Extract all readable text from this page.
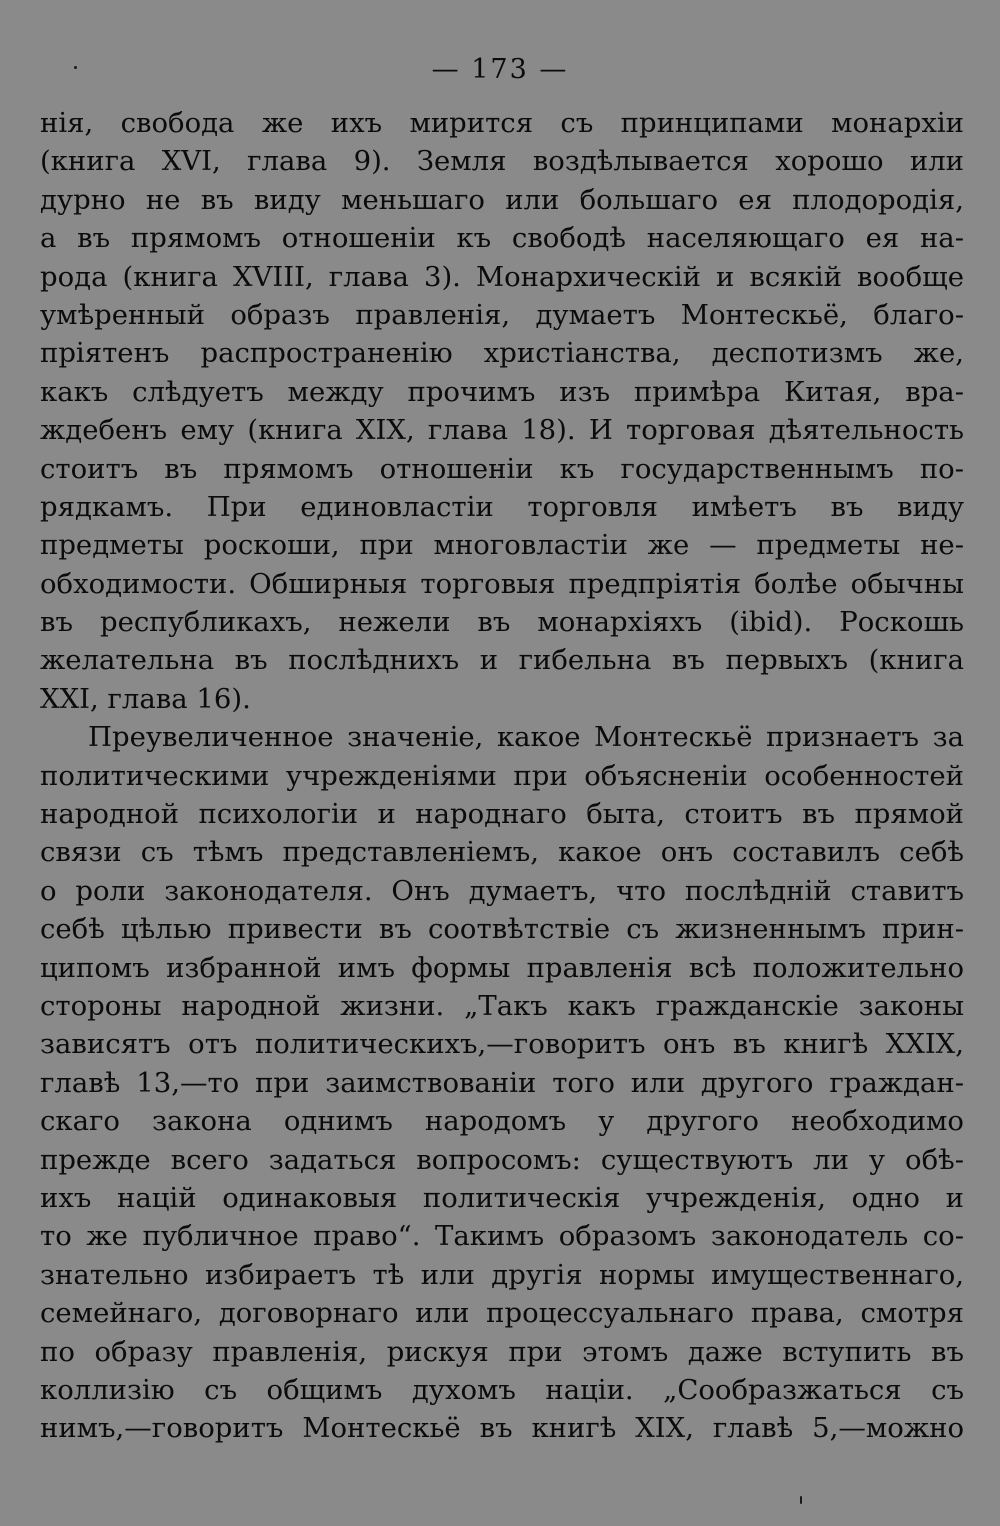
— 173 —
нія, свобода же ихъ мирится съ принципами монархіи
(книга XVI, глава 9). Земля воздѣлывается хорошо или
дурно не въ виду меньшаго или большаго ея плодородія,
а въ прямомъ отношеніи къ свободѣ населяющаго ея на-
рода (книга XVIII, глава 3). Монархическій и всякій вообще
умѣренный образъ правленія, думаетъ Монтескьё, благо-
пріятенъ распространенію христіанства, деспотизмъ же,
какъ слѣдуетъ между прочимъ изъ примѣра Китая, вра-
ждебенъ ему (книга XIX, глава 18). И торговая дѣятельность
стоитъ въ прямомъ отношеніи къ государственнымъ по-
рядкамъ. При единовластіи торговля имѣетъ въ виду
предметы роскоши, при многовластіи же — предметы не-
обходимости. Обширныя торговыя предпріятія болѣе обычны
въ республикахъ, нежели въ монархіяхъ (ibid). Роскошь
желательна въ послѣднихъ и гибельна въ первыхъ (книга
XXI, глава 16).
Преувеличенное значеніе, какое Монтескьё признаетъ за
политическими учрежденіями при объясненіи особенностей
народной психологіи и народнаго быта, стоитъ въ прямой
связи съ тѣмъ представленіемъ, какое онъ составилъ себѣ
о роли законодателя. Онъ думаетъ, что послѣдній ставитъ
себѣ цѣлью привести въ соотвѣтствіе съ жизненнымъ прин-
ципомъ избранной имъ формы правленія всѣ положительно
стороны народной жизни. „Такъ какъ гражданскіе законы
зависятъ отъ политическихъ,—говоритъ онъ въ книгѣ XXIX,
главѣ 13,—то при заимствованіи того или другого граждан-
скаго закона однимъ народомъ у другого необходимо
прежде всего задаться вопросомъ: существуютъ ли у обѣ-
ихъ націй одинаковыя политическія учрежденія, одно и
то же публичное право“. Такимъ образомъ законодатель со-
знательно избираетъ тѣ или другія нормы имущественнаго,
семейнаго, договорнаго или процессуальнаго права, смотря
по образу правленія, рискуя при этомъ даже вступить въ
коллизію съ общимъ духомъ націи. „Сообразжаться съ
нимъ,—говоритъ Монтескьё въ книгѣ XIX, главѣ 5,—можно
